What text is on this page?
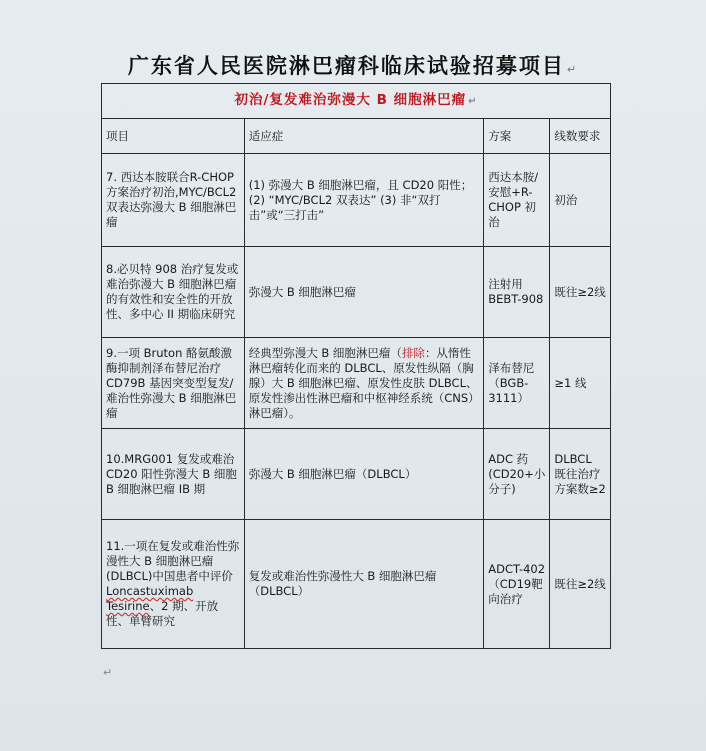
广东省人民医院淋巴瘤科临床试验招募项目 ↵
初治/复发难治弥漫大 B 细胞淋巴瘤 ↵			
项目	适应症	方案	线数要求
7. 西达本胺联合R-CHOP 方案治疗初治,MYC/BCL2 双表达弥漫大 B 细胞淋巴瘤	(1) 弥漫大 B 细胞淋巴瘤，且 CD20 阳性；
(2) “MYC/BCL2 双表达” (3) 非“双打击”或“三打击”	西达本胺/安慰+R-CHOP 初治	初治
8.必贝特 908 治疗复发或难治弥漫大 B 细胞淋巴瘤的有效性和安全性的开放性、多中心 II 期临床研究	弥漫大 B 细胞淋巴瘤	注射用 BEBT-908	既往≥2线
9.一项 Bruton 酪氨酸激酶抑制剂泽布替尼治疗 CD79B 基因突变型复发/难治性弥漫大 B 细胞淋巴瘤	经典型弥漫大 B 细胞淋巴瘤（排除：从惰性淋巴瘤转化而来的 DLBCL、原发性纵隔（胸腺）大 B 细胞淋巴瘤、原发性皮肤 DLBCL、原发性渗出性淋巴瘤和中枢神经系统（CNS）淋巴瘤）。	泽布替尼（BGB-3111）	≥1 线
10.MRG001 复发或难治 CD20 阳性弥漫大 B 细胞 B 细胞淋巴瘤 IB 期	弥漫大 B 细胞淋巴瘤（DLBCL）	ADC 药 (CD20+小分子)	DLBCL 既往治疗方案数≥2
11.一项在复发或难治性弥漫性大 B 细胞淋巴瘤(DLBCL)中国患者中评价 Loncastuximab Tesirine、2 期、开放性、单臂研究	复发或难治性弥漫性大 B 细胞淋巴瘤（DLBCL）	ADCT-402（CD19靶向治疗	既往≥2线
↵
